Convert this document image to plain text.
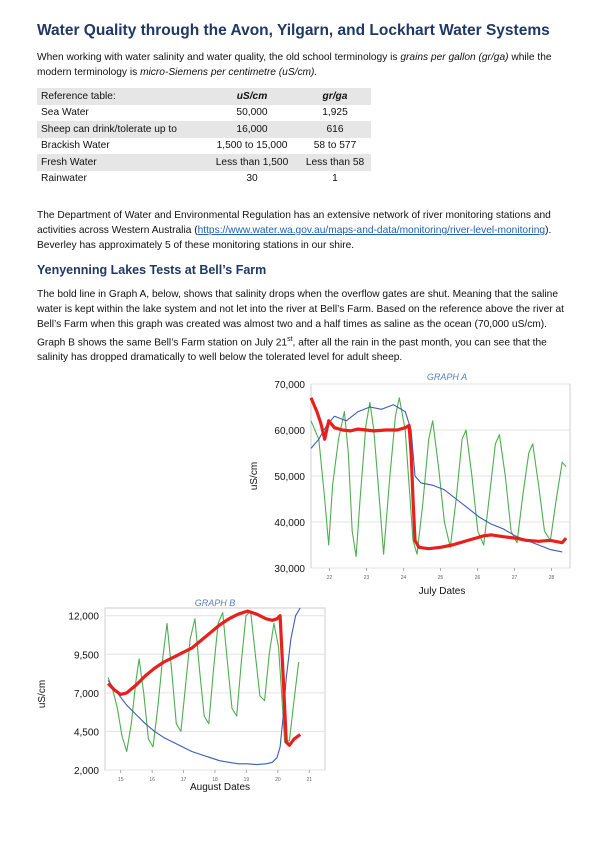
Water Quality through the Avon, Yilgarn, and Lockhart Water Systems

When working with water salinity and water quality, the old school terminology is grains per gallon (gr/ga) while the modern terminology is micro-Siemens per centimetre (uS/cm).

Reference table:	uS/cm	gr/ga
Sea Water	50,000	1,925
Sheep can drink/tolerate up to	16,000	616
Brackish Water	1,500 to 15,000	58 to 577
Fresh Water	Less than 1,500	Less than 58
Rainwater	30	1

The Department of Water and Environmental Regulation has an extensive network of river monitoring stations and activities across Western Australia (https://www.water.wa.gov.au/maps-and-data/monitoring/river-level-monitoring). Beverley has approximately 5 of these monitoring stations in our shire.

Yenyenning Lakes Tests at Bell’s Farm

The bold line in Graph A, below, shows that salinity drops when the overflow gates are shut. Meaning that the saline water is kept within the lake system and not let into the river at Bell’s Farm. Based on the reference above the river at Bell’s Farm when this graph was created was almost two and a half times as saline as the ocean (70,000 uS/cm). Graph B shows the same Bell’s Farm station on July 21st, after all the rain in the past month, you can see that the salinity has dropped dramatically to well below the tolerated level for adult sheep.

70,000
60,000
50,000
40,000
30,000
22	23	24	25	26	27	28
GRAPH A
July Dates
uS/cm
12,000
9,500
7,000
4,500
2,000
15	16	17	18	19	20	21
GRAPH B
August Dates
uS/cm
